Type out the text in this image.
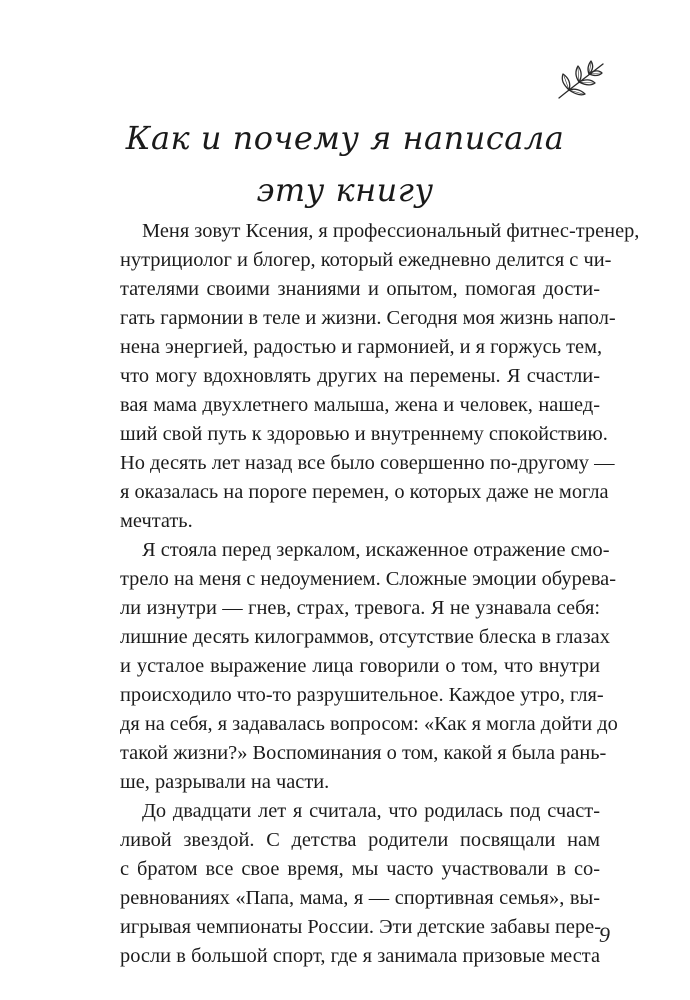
Как и почему я написала
эту книгу
Меня зовут Ксения, я профессиональный фитнес-тренер,
нутрициолог и блогер, который ежедневно делится с чи-
тателями своими знаниями и опытом, помогая дости-
гать гармонии в теле и жизни. Сегодня моя жизнь напол-
нена энергией, радостью и гармонией, и я горжусь тем,
что могу вдохновлять других на перемены. Я счастли-
вая мама двухлетнего малыша, жена и человек, нашед-
ший свой путь к здоровью и внутреннему спокойствию.
Но десять лет назад все было совершенно по-другому —
я оказалась на пороге перемен, о которых даже не могла
мечтать.
Я стояла перед зеркалом, искаженное отражение смо-
трело на меня с недоумением. Сложные эмоции обурева-
ли изнутри — гнев, страх, тревога. Я не узнавала себя:
лишние десять килограммов, отсутствие блеска в глазах
и усталое выражение лица говорили о том, что внутри
происходило что-то разрушительное. Каждое утро, гля-
дя на себя, я задавалась вопросом: «Как я могла дойти до
такой жизни?» Воспоминания о том, какой я была рань-
ше, разрывали на части.
До двадцати лет я считала, что родилась под счаст-
ливой звездой. С детства родители посвящали нам
с братом все свое время, мы часто участвовали в со-
ревнованиях «Папа, мама, я — спортивная семья», вы-
игрывая чемпионаты России. Эти детские забавы пере-
росли в большой спорт, где я занимала призовые места
9
